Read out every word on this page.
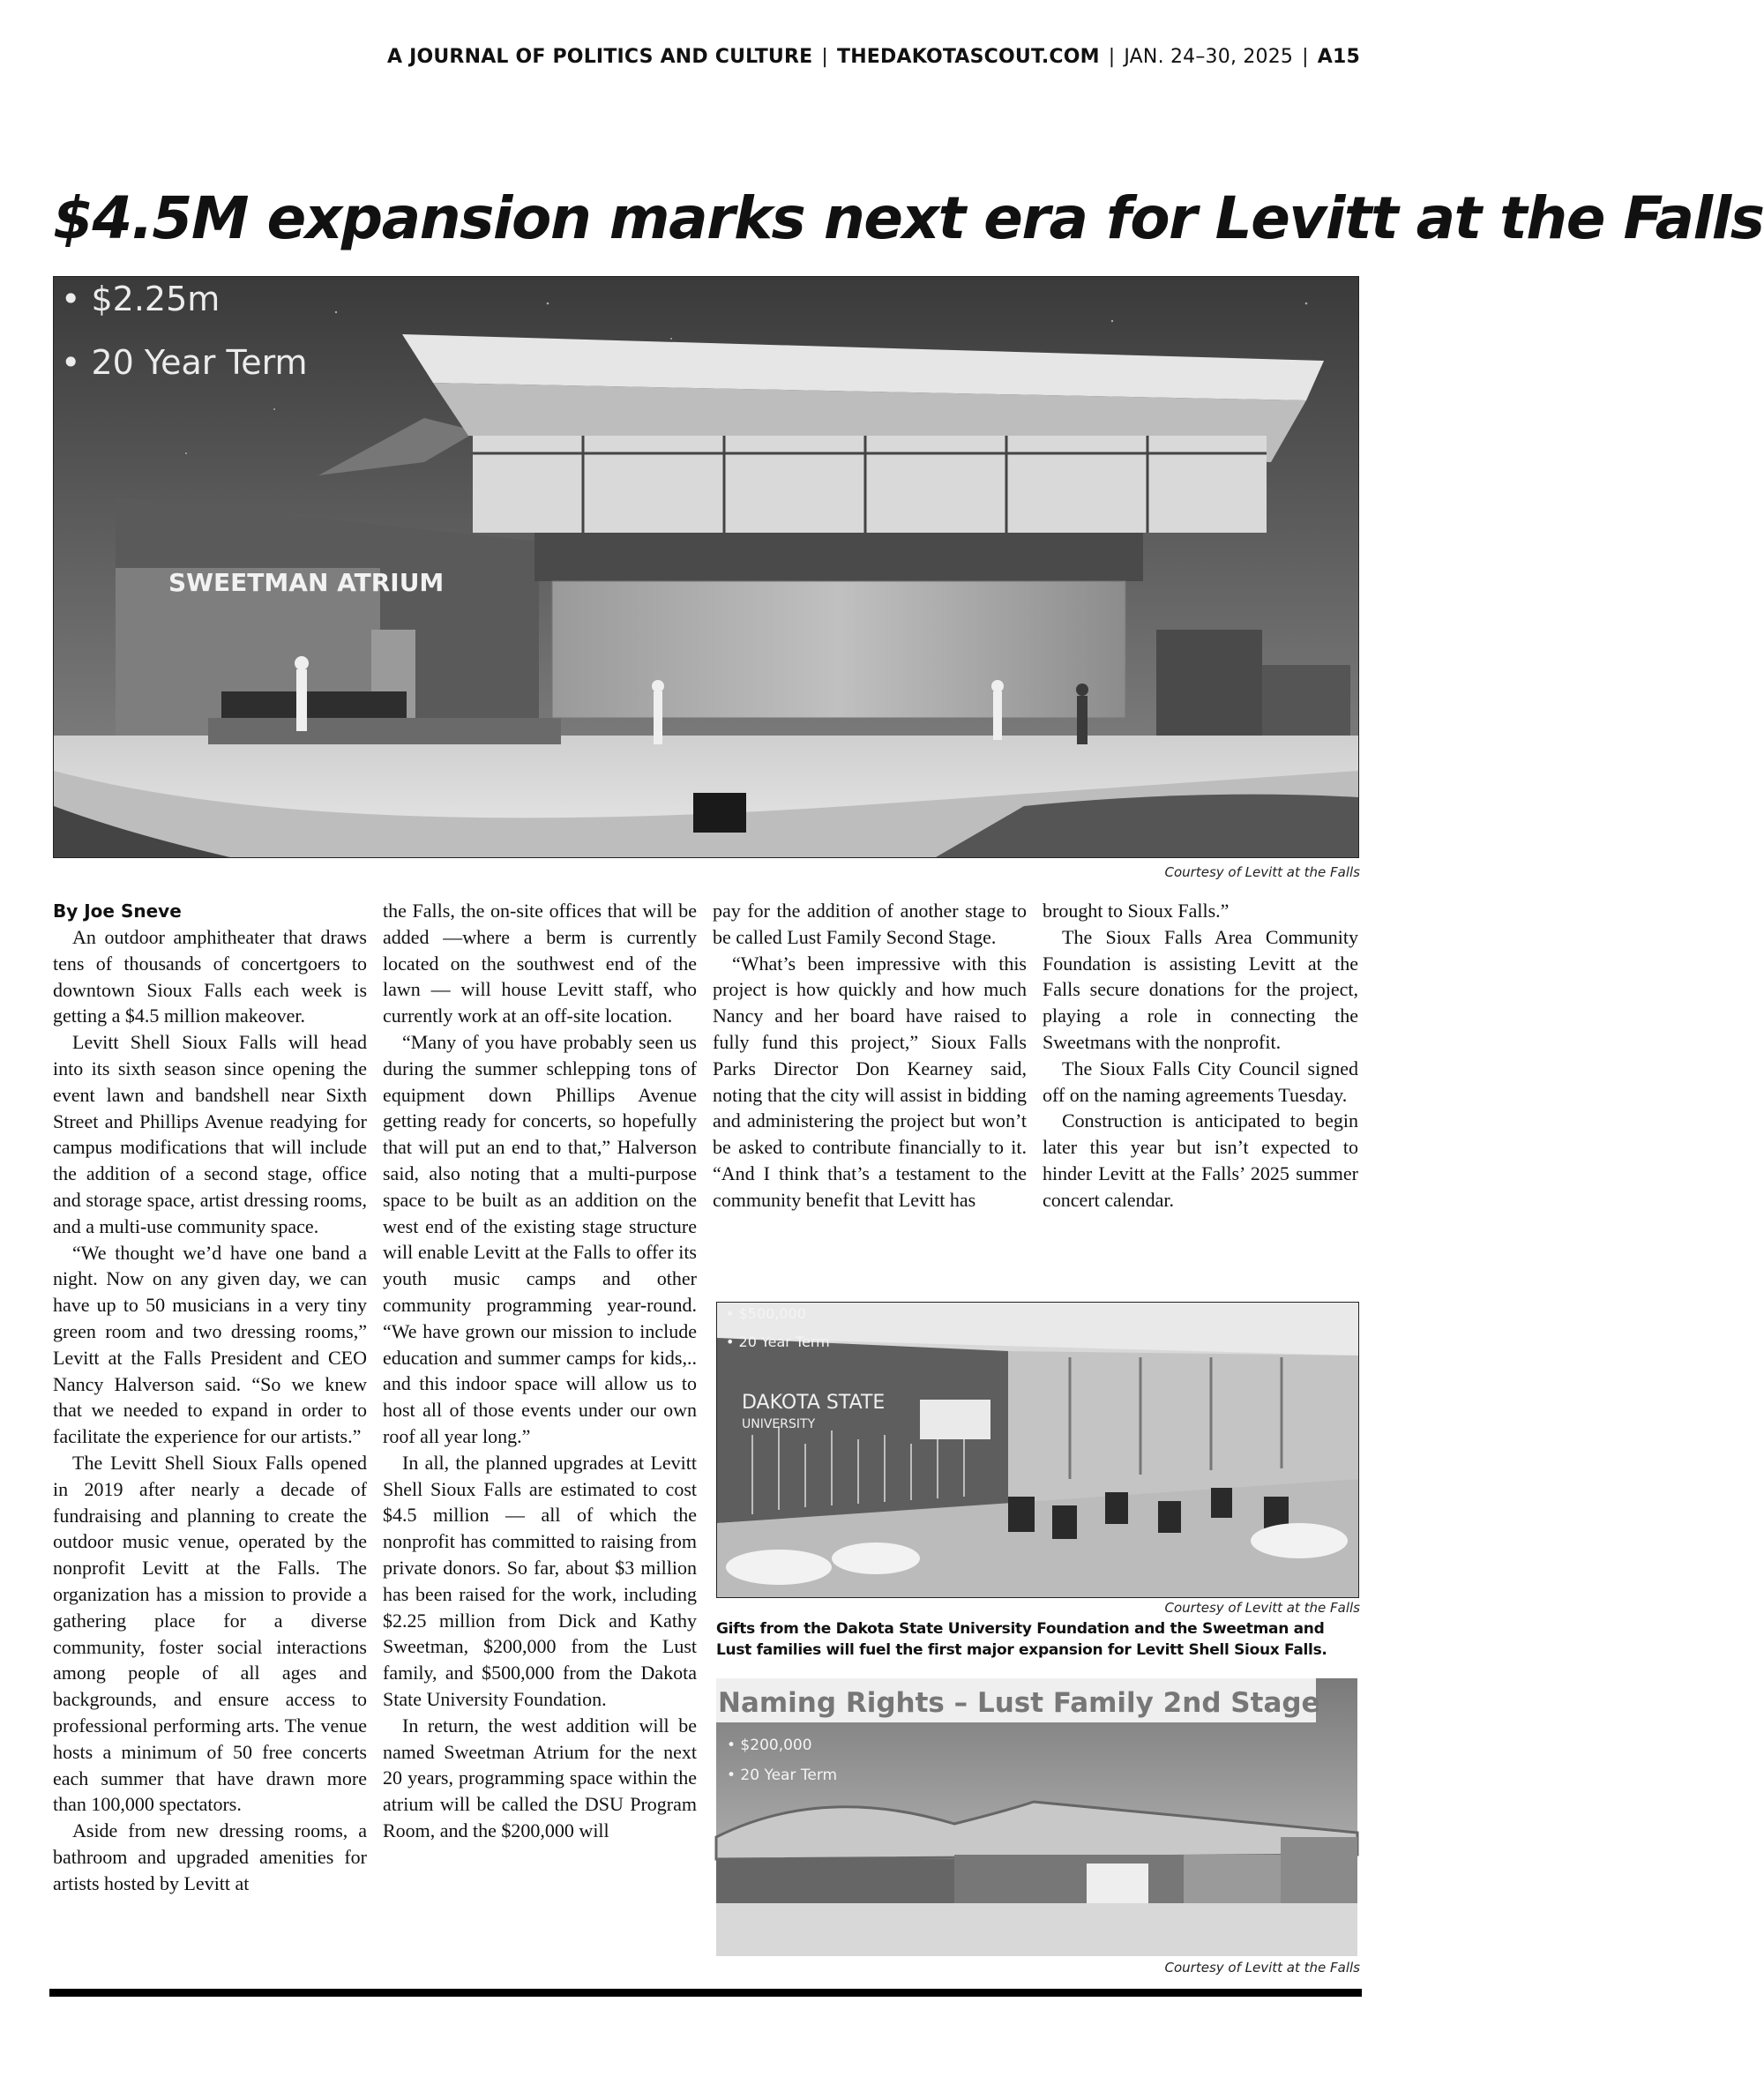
A JOURNAL OF POLITICS AND CULTURE | THEDAKOTASCOUT.COM | JAN. 24–30, 2025 | A15
$4.5M expansion marks next era for Levitt at the Falls
SWEETMAN ATRIUM
• $2.25m
• 20 Year Term
Courtesy of Levitt at the Falls

By Joe Sneve

An outdoor amphitheater that draws tens of thousands of concertgoers to downtown Sioux Falls each week is getting a $4.5 million makeover.

Levitt Shell Sioux Falls will head into its sixth season since opening the event lawn and bandshell near Sixth Street and Phillips Avenue readying for campus modifications that will include the addition of a second stage, office and storage space, artist dressing rooms, and a multi-use community space.

“We thought we’d have one band a night. Now on any given day, we can have up to 50 musicians in a very tiny green room and two dressing rooms,” Levitt at the Falls President and CEO Nancy Halverson said. “So we knew that we needed to expand in order to facilitate the experience for our artists.”

The Levitt Shell Sioux Falls opened in 2019 after nearly a decade of fundraising and planning to create the outdoor music venue, operated by the nonprofit Levitt at the Falls. The organization has a mission to provide a gathering place for a diverse community, foster social interactions among people of all ages and backgrounds, and ensure access to professional performing arts. The venue hosts a minimum of 50 free concerts each summer that have drawn more than 100,000 spectators.

Aside from new dressing rooms, a bathroom and upgraded amenities for artists hosted by Levitt at

the Falls, the on-site offices that will be added —where a berm is currently located on the southwest end of the lawn — will house Levitt staff, who currently work at an off-site location.

“Many of you have probably seen us during the summer schlepping tons of equipment down Phillips Avenue getting ready for concerts, so hopefully that will put an end to that,” Halverson said, also noting that a multi-purpose space to be built as an addition on the west end of the existing stage structure will enable Levitt at the Falls to offer its youth music camps and other community programming year-round. “We have grown our mission to include education and summer camps for kids,.. and this indoor space will allow us to host all of those events under our own roof all year long.”

In all, the planned upgrades at Levitt Shell Sioux Falls are estimated to cost $4.5 million — all of which the nonprofit has committed to raising from private donors. So far, about $3 million has been raised for the work, including $2.25 million from Dick and Kathy Sweetman, $200,000 from the Lust family, and $500,000 from the Dakota State University Foundation.

In return, the west addition will be named Sweetman Atrium for the next 20 years, programming space within the atrium will be called the DSU Program Room, and the $200,000 will

pay for the addition of another stage to be called Lust Family Second Stage.

“What’s been impressive with this project is how quickly and how much Nancy and her board have raised to fully fund this project,” Sioux Falls Parks Director Don Kearney said, noting that the city will assist in bidding and administering the project but won’t be asked to contribute financially to it. “And I think that’s a testament to the community benefit that Levitt has

brought to Sioux Falls.”

The Sioux Falls Area Community Foundation is assisting Levitt at the Falls secure donations for the project, playing a role in connecting the Sweetmans with the nonprofit.

The Sioux Falls City Council signed off on the naming agreements Tuesday.

Construction is anticipated to begin later this year but isn’t expected to hinder Levitt at the Falls’ 2025 summer concert calendar.

DAKOTA STATE
UNIVERSITY
• $500,000
• 20 Year Term
Courtesy of Levitt at the Falls
Gifts from the Dakota State University Foundation and the Sweetman and Lust families will fuel the first major expansion for Levitt Shell Sioux Falls.
Naming Rights – Lust Family 2nd Stage
• $200,000
• 20 Year Term
Courtesy of Levitt at the Falls
